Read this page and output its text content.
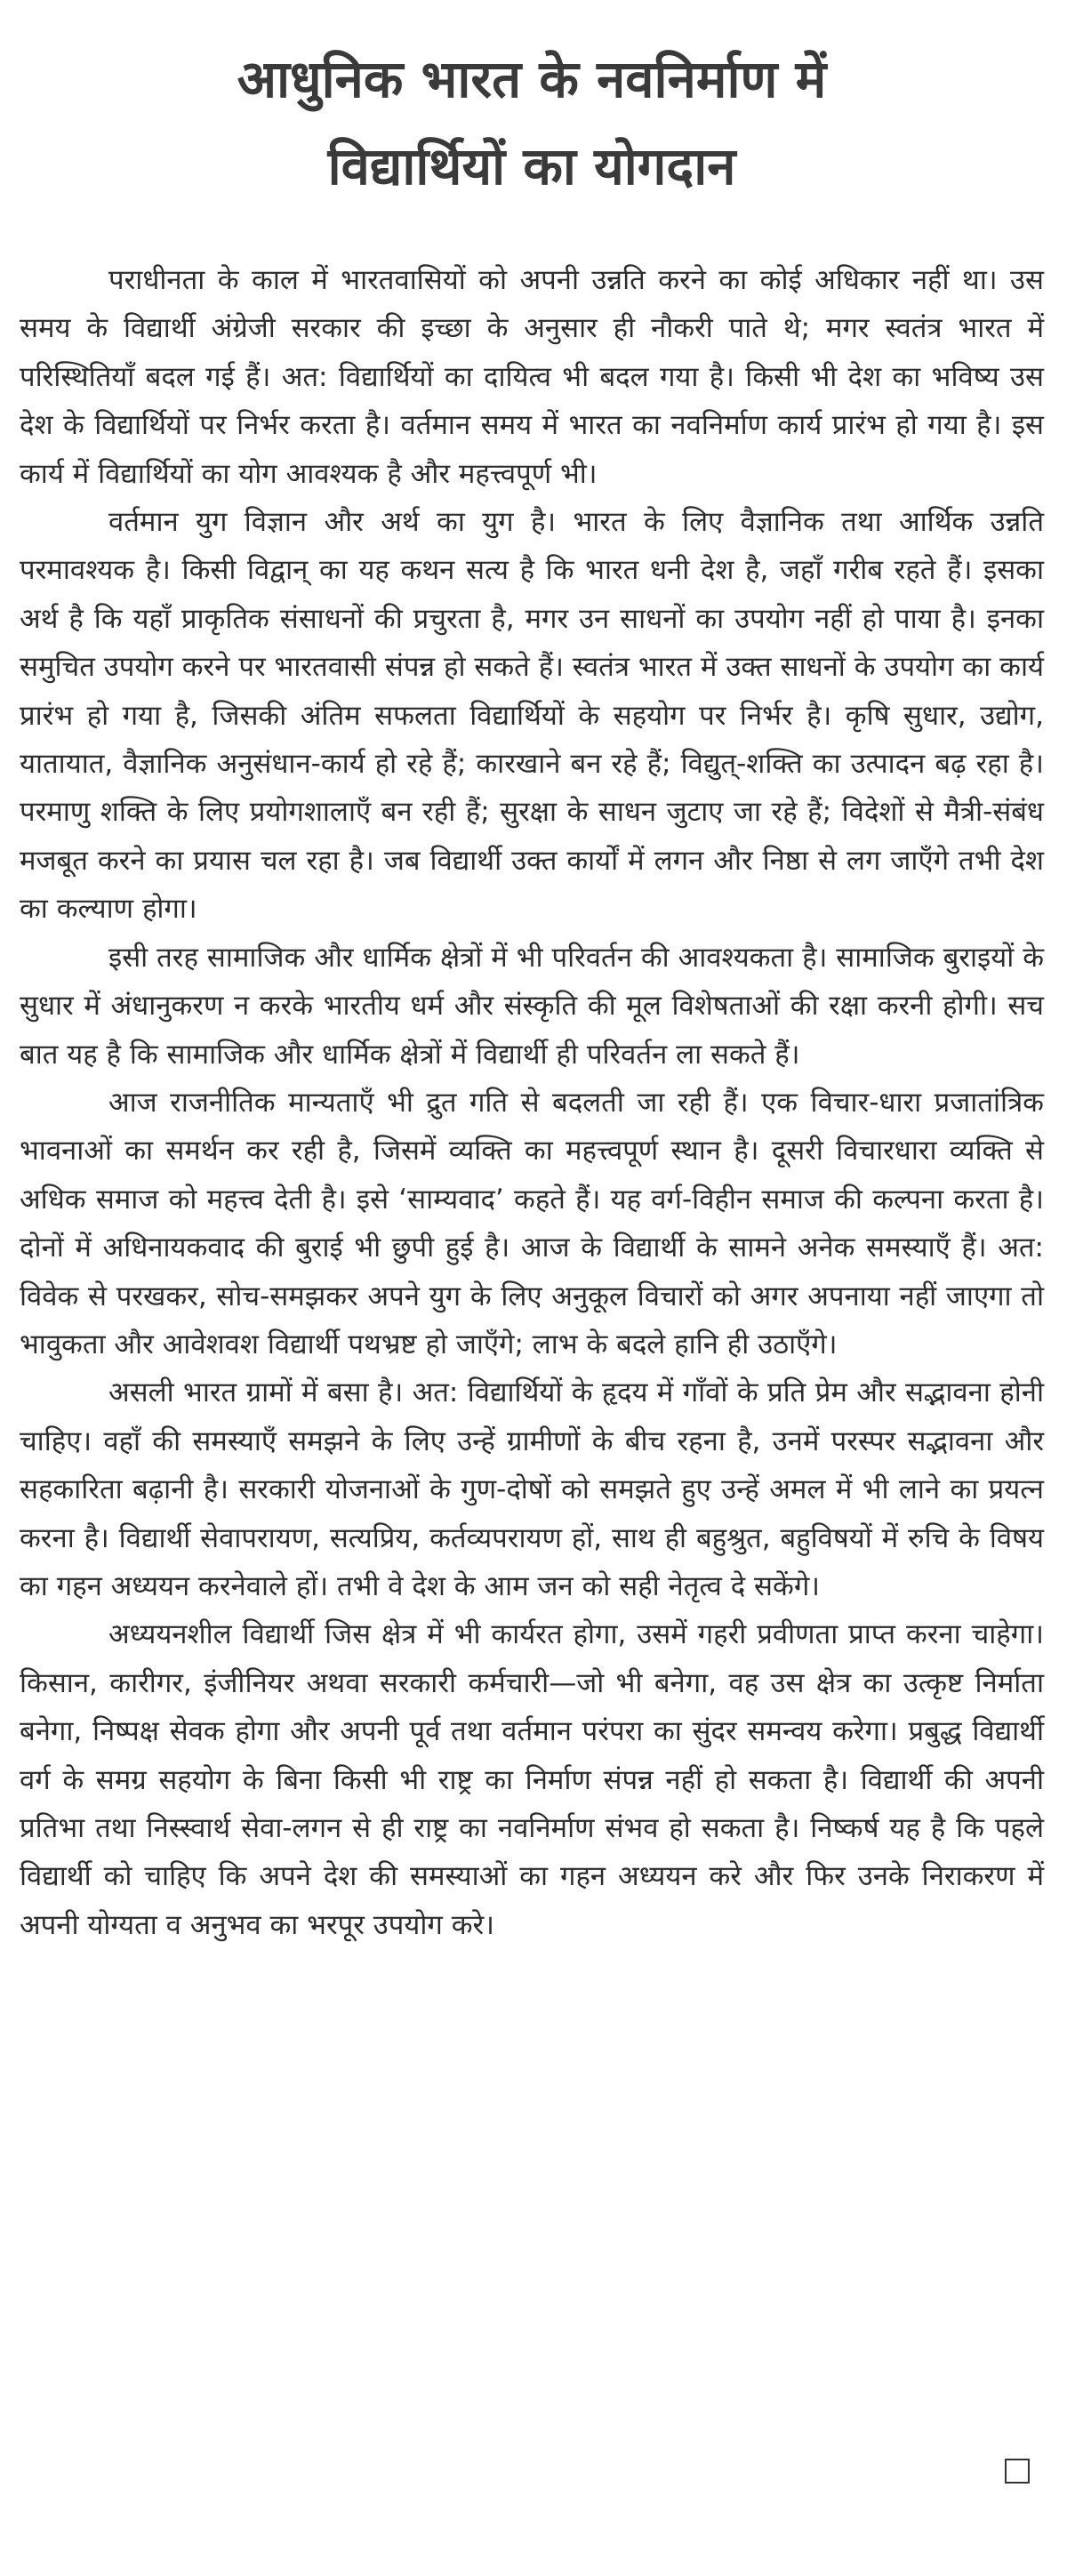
आधुनिक भारत के नवनिर्माण में
विद्यार्थियों का योगदान

पराधीनता के काल में भारतवासियों को अपनी उन्नति करने का कोई अधिकार नहीं था। उस समय के विद्यार्थी अंग्रेजी सरकार की इच्छा के अनुसार ही नौकरी पाते थे; मगर स्वतंत्र भारत में परिस्थितियाँ बदल गई हैं। अत: विद्यार्थियों का दायित्व भी बदल गया है। किसी भी देश का भविष्य उस देश के विद्यार्थियों पर निर्भर करता है। वर्तमान समय में भारत का नवनिर्माण कार्य प्रारंभ हो गया है। इस कार्य में विद्यार्थियों का योग आवश्यक है और महत्त्वपूर्ण भी।

वर्तमान युग विज्ञान और अर्थ का युग है। भारत के लिए वैज्ञानिक तथा आर्थिक उन्नति परमावश्यक है। किसी विद्वान् का यह कथन सत्य है कि भारत धनी देश है, जहाँ गरीब रहते हैं। इसका अर्थ है कि यहाँ प्राकृतिक संसाधनों की प्रचुरता है, मगर उन साधनों का उपयोग नहीं हो पाया है। इनका समुचित उपयोग करने पर भारतवासी संपन्न हो सकते हैं। स्वतंत्र भारत में उक्त साधनों के उपयोग का कार्य प्रारंभ हो गया है, जिसकी अंतिम सफलता विद्यार्थियों के सहयोग पर निर्भर है। कृषि सुधार, उद्योग, यातायात, वैज्ञानिक अनुसंधान-कार्य हो रहे हैं; कारखाने बन रहे हैं; विद्युत्-शक्ति का उत्पादन बढ़ रहा है। परमाणु शक्ति के लिए प्रयोगशालाएँ बन रही हैं; सुरक्षा के साधन जुटाए जा रहे हैं; विदेशों से मैत्री-संबंध मजबूत करने का प्रयास चल रहा है। जब विद्यार्थी उक्त कार्यों में लगन और निष्ठा से लग जाएँगे तभी देश का कल्याण होगा।

इसी तरह सामाजिक और धार्मिक क्षेत्रों में भी परिवर्तन की आवश्यकता है। सामाजिक बुराइयों के सुधार में अंधानुकरण न करके भारतीय धर्म और संस्कृति की मूल विशेषताओं की रक्षा करनी होगी। सच बात यह है कि सामाजिक और धार्मिक क्षेत्रों में विद्यार्थी ही परिवर्तन ला सकते हैं।

आज राजनीतिक मान्यताएँ भी द्रुत गति से बदलती जा रही हैं। एक विचार-धारा प्रजातांत्रिक भावनाओं का समर्थन कर रही है, जिसमें व्यक्ति का महत्त्वपूर्ण स्थान है। दूसरी विचारधारा व्यक्ति से अधिक समाज को महत्त्व देती है। इसे ‘साम्यवाद’ कहते हैं। यह वर्ग-विहीन समाज की कल्पना करता है। दोनों में अधिनायकवाद की बुराई भी छुपी हुई है। आज के विद्यार्थी के सामने अनेक समस्याएँ हैं। अत: विवेक से परखकर, सोच-समझकर अपने युग के लिए अनुकूल विचारों को अगर अपनाया नहीं जाएगा तो भावुकता और आवेशवश विद्यार्थी पथभ्रष्ट हो जाएँगे; लाभ के बदले हानि ही उठाएँगे।

असली भारत ग्रामों में बसा है। अत: विद्यार्थियों के हृदय में गाँवों के प्रति प्रेम और सद्भावना होनी चाहिए। वहाँ की समस्याएँ समझने के लिए उन्हें ग्रामीणों के बीच रहना है, उनमें परस्पर सद्भावना और सहकारिता बढ़ानी है। सरकारी योजनाओं के गुण-दोषों को समझते हुए उन्हें अमल में भी लाने का प्रयत्न करना है। विद्यार्थी सेवापरायण, सत्यप्रिय, कर्तव्यपरायण हों, साथ ही बहुश्रुत, बहुविषयों में रुचि के विषय का गहन अध्ययन करनेवाले हों। तभी वे देश के आम जन को सही नेतृत्व दे सकेंगे।

अध्ययनशील विद्यार्थी जिस क्षेत्र में भी कार्यरत होगा, उसमें गहरी प्रवीणता प्राप्त करना चाहेगा। किसान, कारीगर, इंजीनियर अथवा सरकारी कर्मचारी—जो भी बनेगा, वह उस क्षेत्र का उत्कृष्ट निर्माता बनेगा, निष्पक्ष सेवक होगा और अपनी पूर्व तथा वर्तमान परंपरा का सुंदर समन्वय करेगा। प्रबुद्ध विद्यार्थी वर्ग के समग्र सहयोग के बिना किसी भी राष्ट्र का निर्माण संपन्न नहीं हो सकता है। विद्यार्थी की अपनी प्रतिभा तथा निस्स्वार्थ सेवा-लगन से ही राष्ट्र का नवनिर्माण संभव हो सकता है। निष्कर्ष यह है कि पहले विद्यार्थी को चाहिए कि अपने देश की समस्याओं का गहन अध्ययन करे और फिर उनके निराकरण में अपनी योग्यता व अनुभव का भरपूर उपयोग करे।
